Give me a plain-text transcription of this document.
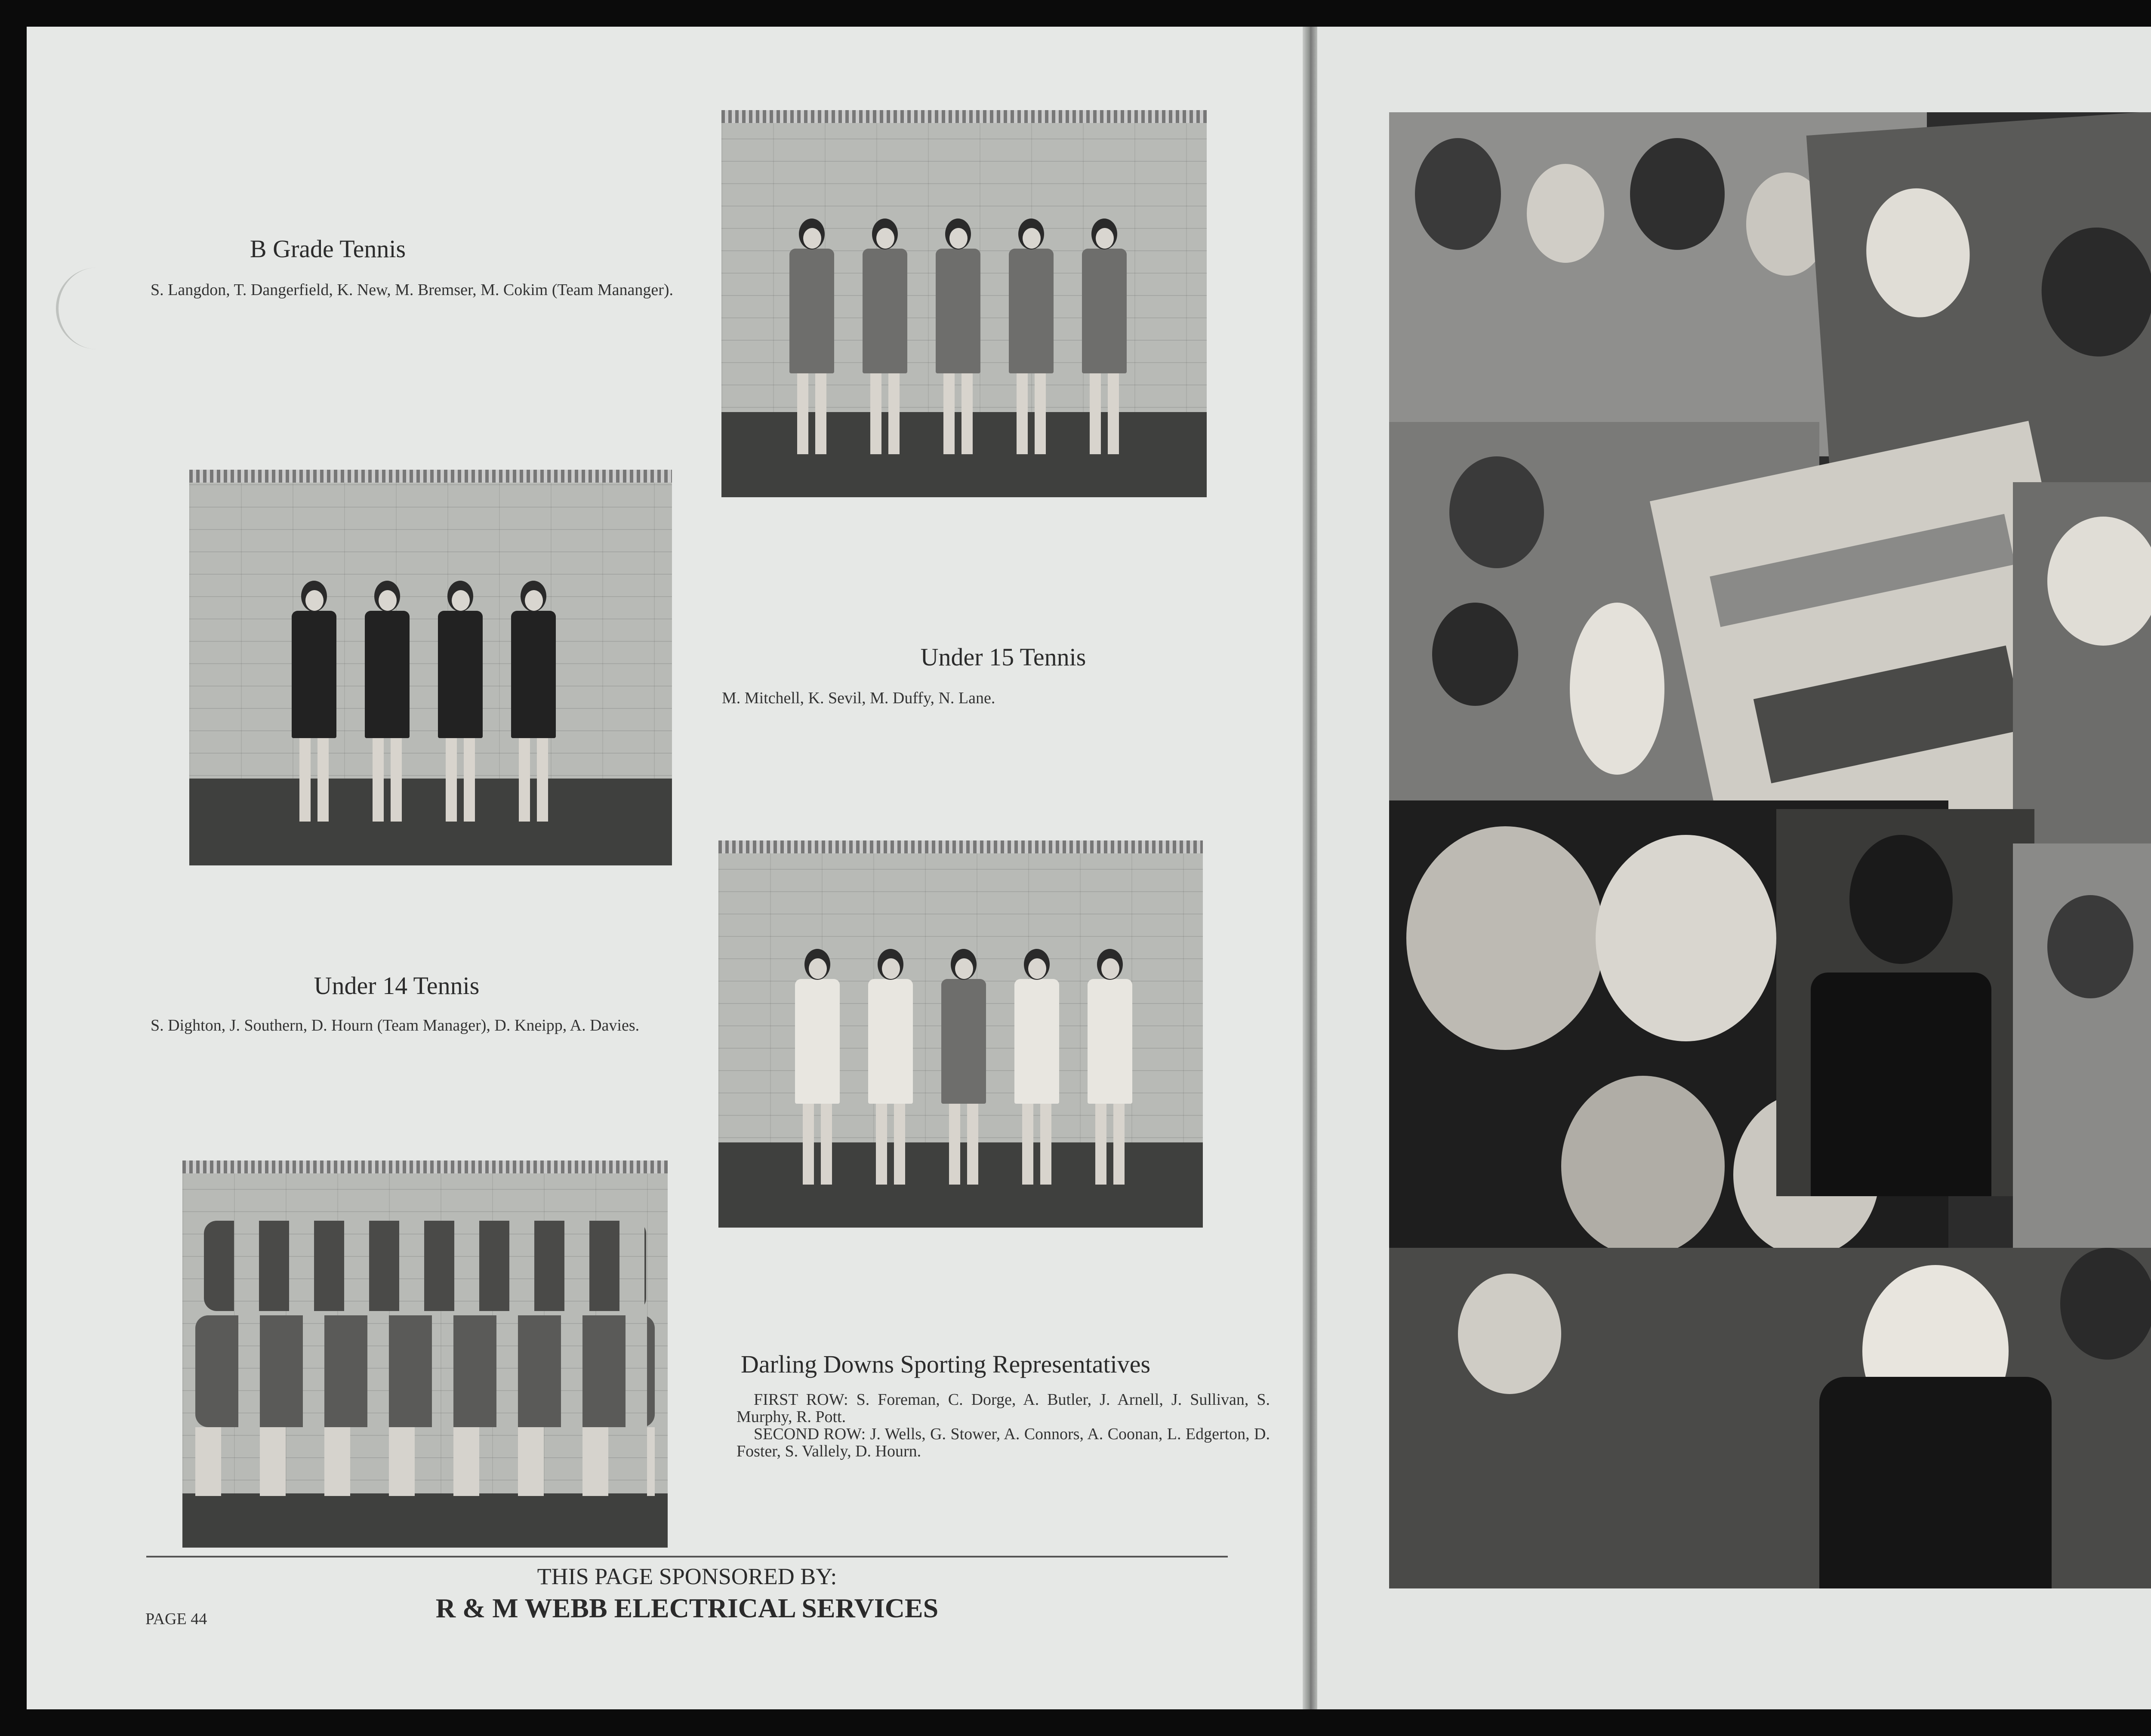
B Grade Tennis
S. Langdon, T. Dangerfield, K. New, M. Bremser, M. Cokim (Team Mananger).
Under 15 Tennis
M. Mitchell, K. Sevil, M. Duffy, N. Lane.
Under 14 Tennis
S. Dighton, J. Southern, D. Hourn (Team Manager), D. Kneipp, A. Davies.
Darling Downs Sporting Representatives
FIRST ROW: S. Foreman, C. Dorge, A. Butler, J. Arnell, J. Sullivan, S. Murphy, R. Pott.
SECOND ROW: J. Wells, G. Stower, A. Connors, A. Coonan, L. Edgerton, D. Foster, S. Vallely, D. Hourn.
THIS PAGE SPONSORED BY:
R & M WEBB ELECTRICAL SERVICES
PAGE 44
